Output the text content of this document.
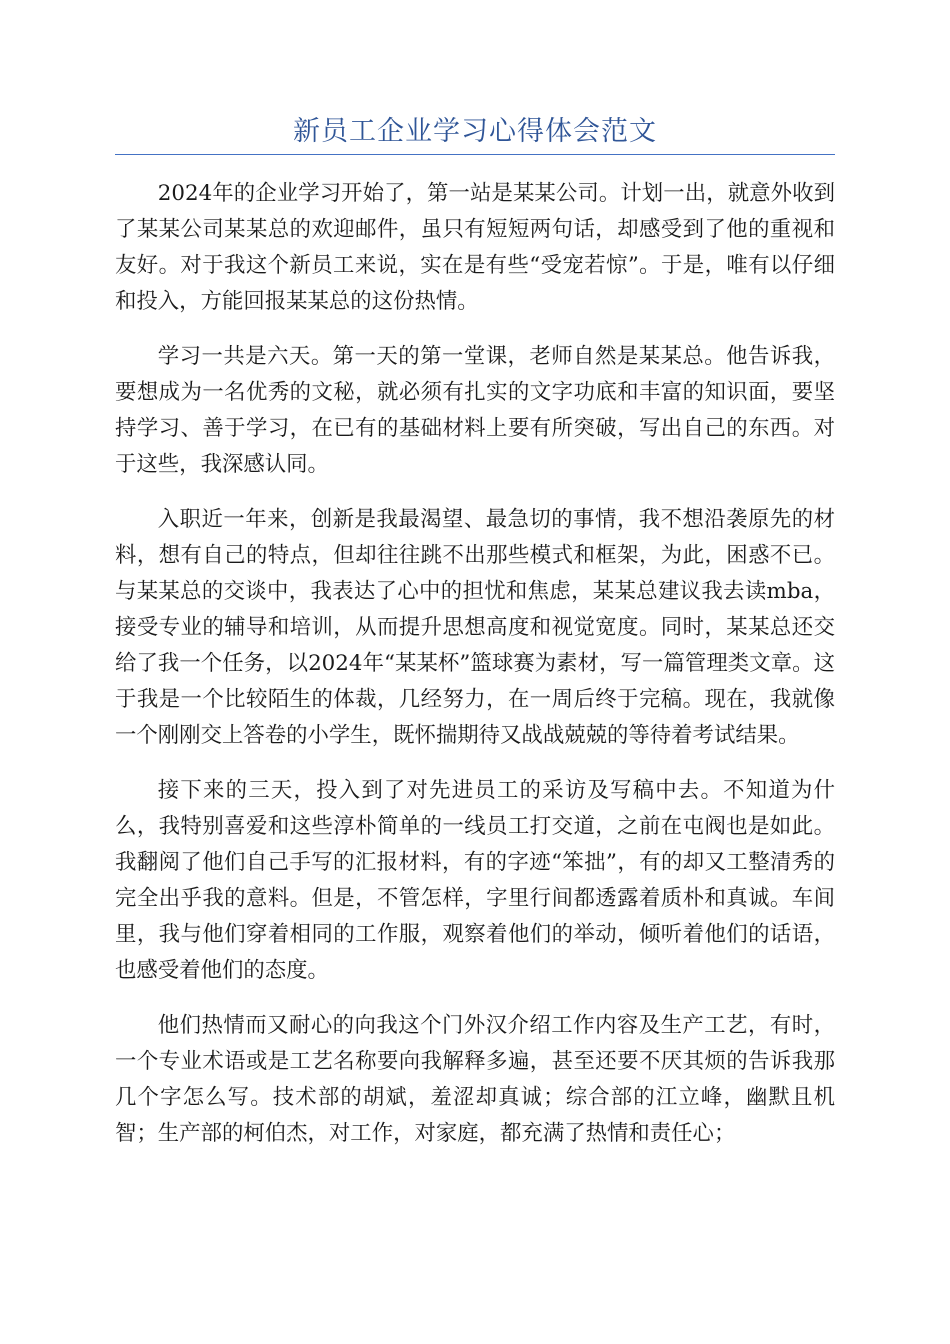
新员工企业学习心得体会范文

2024年的企业学习开始了，第一站是某某公司。计划一出，就意外收到了某某公司某某总的欢迎邮件，虽只有短短两句话，却感受到了他的重视和友好。对于我这个新员工来说，实在是有些“受宠若惊”。于是，唯有以仔细和投入，方能回报某某总的这份热情。

学习一共是六天。第一天的第一堂课，老师自然是某某总。他告诉我，要想成为一名优秀的文秘，就必须有扎实的文字功底和丰富的知识面，要坚持学习、善于学习，在已有的基础材料上要有所突破，写出自己的东西。对于这些，我深感认同。

入职近一年来，创新是我最渴望、最急切的事情，我不想沿袭原先的材料，想有自己的特点，但却往往跳不出那些模式和框架，为此，困惑不已。与某某总的交谈中，我表达了心中的担忧和焦虑，某某总建议我去读mba，接受专业的辅导和培训，从而提升思想高度和视觉宽度。同时，某某总还交给了我一个任务，以2024年“某某杯”篮球赛为素材，写一篇管理类文章。这于我是一个比较陌生的体裁，几经努力，在一周后终于完稿。现在，我就像一个刚刚交上答卷的小学生，既怀揣期待又战战兢兢的等待着考试结果。

接下来的三天，投入到了对先进员工的采访及写稿中去。不知道为什么，我特别喜爱和这些淳朴简单的一线员工打交道，之前在屯阀也是如此。我翻阅了他们自己手写的汇报材料，有的字迹“笨拙”，有的却又工整清秀的完全出乎我的意料。但是，不管怎样，字里行间都透露着质朴和真诚。车间里，我与他们穿着相同的工作服，观察着他们的举动，倾听着他们的话语，也感受着他们的态度。

他们热情而又耐心的向我这个门外汉介绍工作内容及生产工艺，有时，一个专业术语或是工艺名称要向我解释多遍，甚至还要不厌其烦的告诉我那几个字怎么写。技术部的胡斌，羞涩却真诚；综合部的江立峰，幽默且机智；生产部的柯伯杰，对工作，对家庭，都充满了热情和责任心；
